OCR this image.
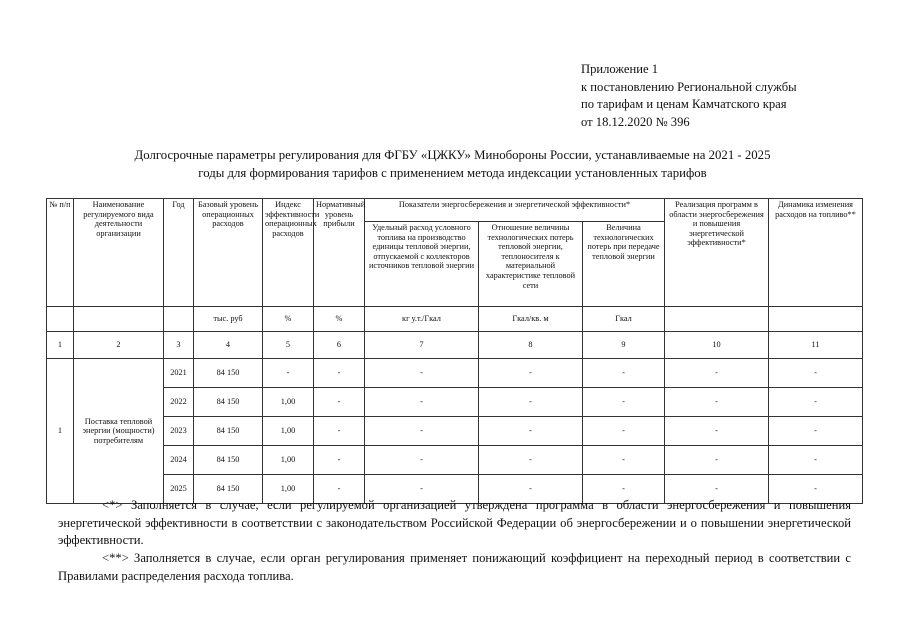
Приложение 1
к постановлению Региональной службы
по тарифам и ценам Камчатского края
от 18.12.2020 № 396
Долгосрочные параметры регулирования для ФГБУ «ЦЖКУ» Минобороны России, устанавливаемые на 2021 - 2025
годы для формирования тарифов с применением метода индексации установленных тарифов
№ п/п	Наименование регулируемого вида деятельности организации	Год	Базовый уровень операционных расходов	Индекс эффективности операционных расходов	Нормативный уровень прибыли	Показатели энергосбережения и энергетической эффективности*			Реализация программ в области энергосбережения и повышения энергетической эффективности*	Динамика изменения расходов на топливо**
						Удельный расход условного топлива на производство единицы тепловой энергии, отпускаемой с коллекторов источников тепловой энергии	Отношение величины технологических потерь тепловой энергии, теплоносителя к материальной характеристике тепловой сети	Величина технологических потерь при передаче тепловой энергии		
			тыс. руб	%	%	кг у.т./Гкал	Гкал/кв. м	Гкал		
1	2	3	4	5	6	7	8	9	10	11
1	Поставка тепловой энергии (мощности) потребителям	2021	84 150	-	-	-	-	-	-	-
		2022	84 150	1,00	-	-	-	-	-	-
		2023	84 150	1,00	-	-	-	-	-	-
		2024	84 150	1,00	-	-	-	-	-	-
		2025	84 150	1,00	-	-	-	-	-	-

<*> Заполняется в случае, если регулируемой организацией утверждена программа в области энергосбережения и повышения энергетической эффективности в соответствии с законодательством Российской Федерации об энергосбережении и о повышении энергетической эффективности.

<**> Заполняется в случае, если орган регулирования применяет понижающий коэффициент на переходный период в соответствии с Правилами распределения расхода топлива.
